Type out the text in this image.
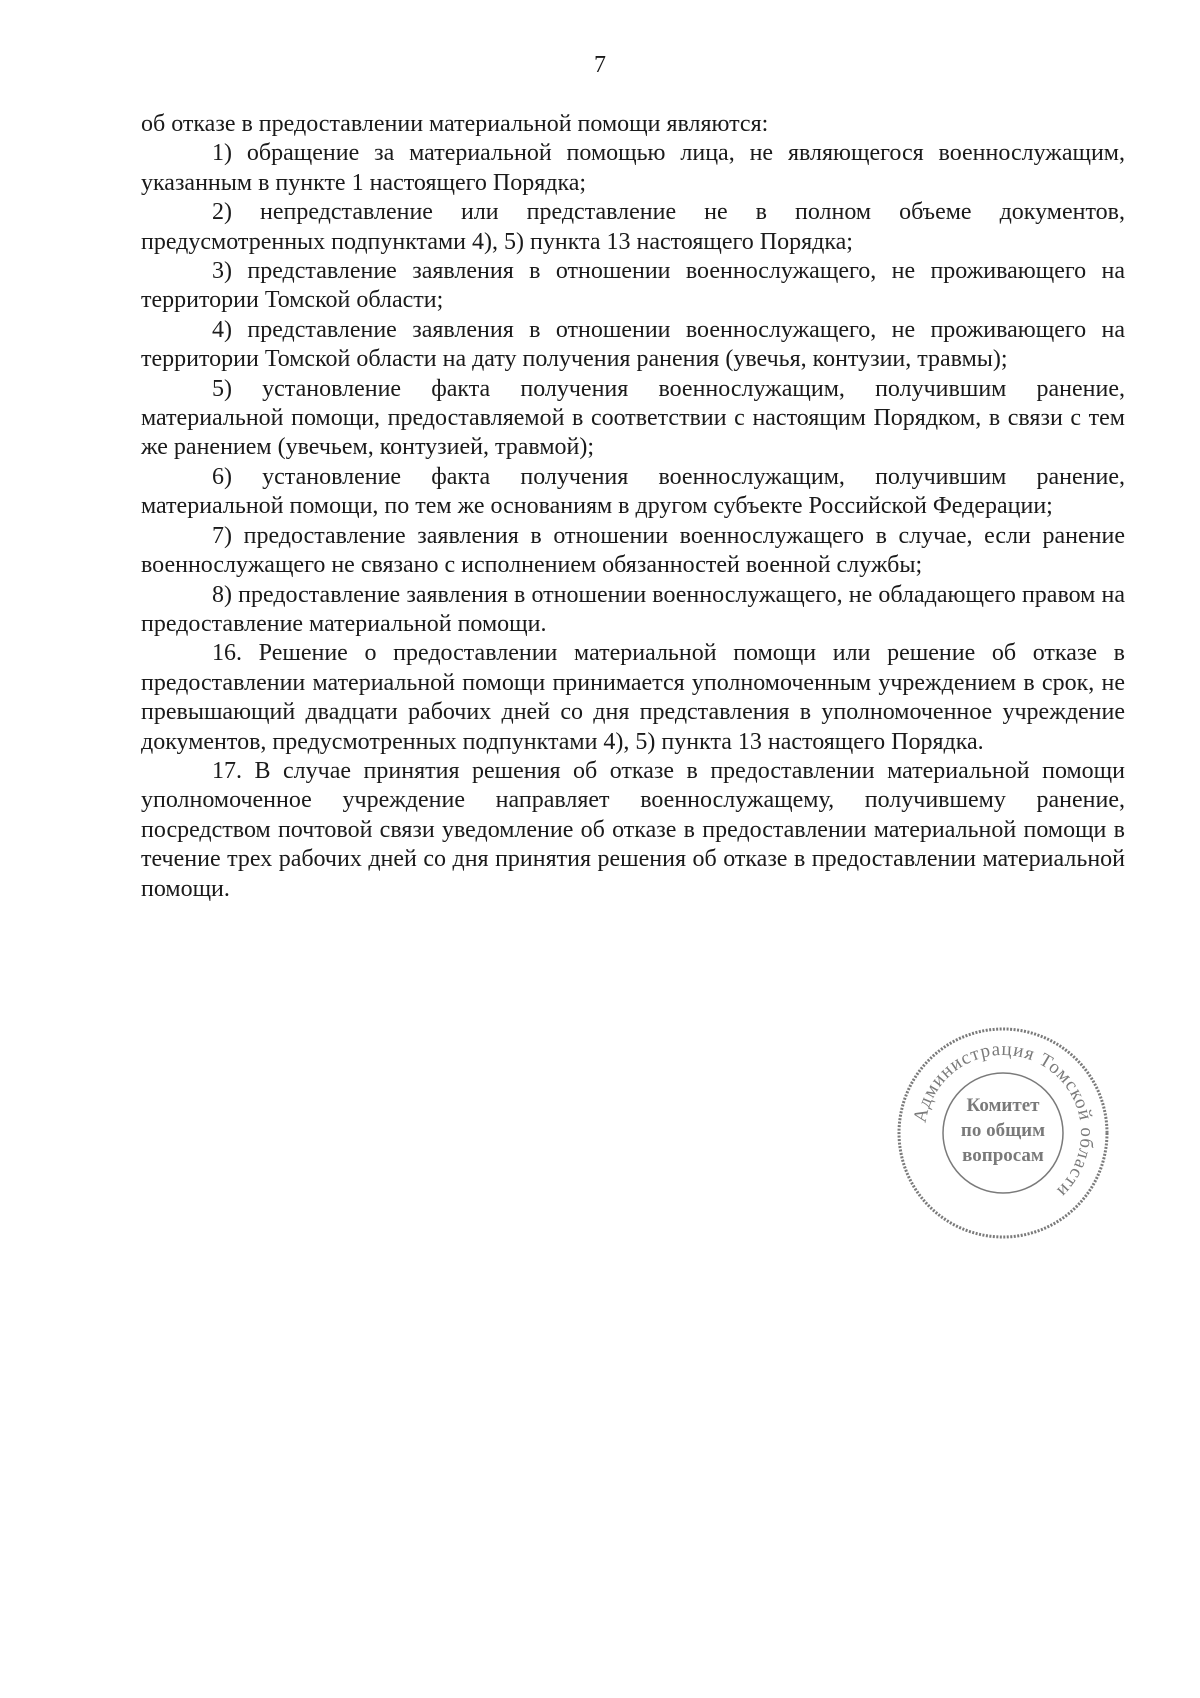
7

об отказе в предоставлении материальной помощи являются:

1) обращение за материальной помощью лица, не являющегося военнослужащим, указанным в пункте 1 настоящего Порядка;

2) непредставление или представление не в полном объеме документов, предусмотренных подпунктами 4), 5) пункта 13 настоящего Порядка;

3) представление заявления в отношении военнослужащего, не проживающего на территории Томской области;

4) представление заявления в отношении военнослужащего, не проживающего на территории Томской области на дату получения ранения (увечья, контузии, травмы);

5) установление факта получения военнослужащим, получившим ранение, материальной помощи, предоставляемой в соответствии с настоящим Порядком, в связи с тем же ранением (увечьем, контузией, травмой);

6) установление факта получения военнослужащим, получившим ранение, материальной помощи, по тем же основаниям в другом субъекте Российской Федерации;

7) предоставление заявления в отношении военнослужащего в случае, если ранение военнослужащего не связано с исполнением обязанностей военной службы;

8) предоставление заявления в отношении военнослужащего, не обладающего правом на предоставление материальной помощи.

16. Решение о предоставлении материальной помощи или решение об отказе в предоставлении материальной помощи принимается уполномоченным учреждением в срок, не превышающий двадцати рабочих дней со дня представления в уполномоченное учреждение документов, предусмотренных подпунктами 4), 5) пункта 13 настоящего Порядка.

17. В случае принятия решения об отказе в предоставлении материальной помощи уполномоченное учреждение направляет военнослужащему, получившему ранение, посредством почтовой связи уведомление об отказе в предоставлении материальной помощи в течение трех рабочих дней со дня принятия решения об отказе в предоставлении материальной помощи.

Администрация Томской области
Комитет
по общим
вопросам
